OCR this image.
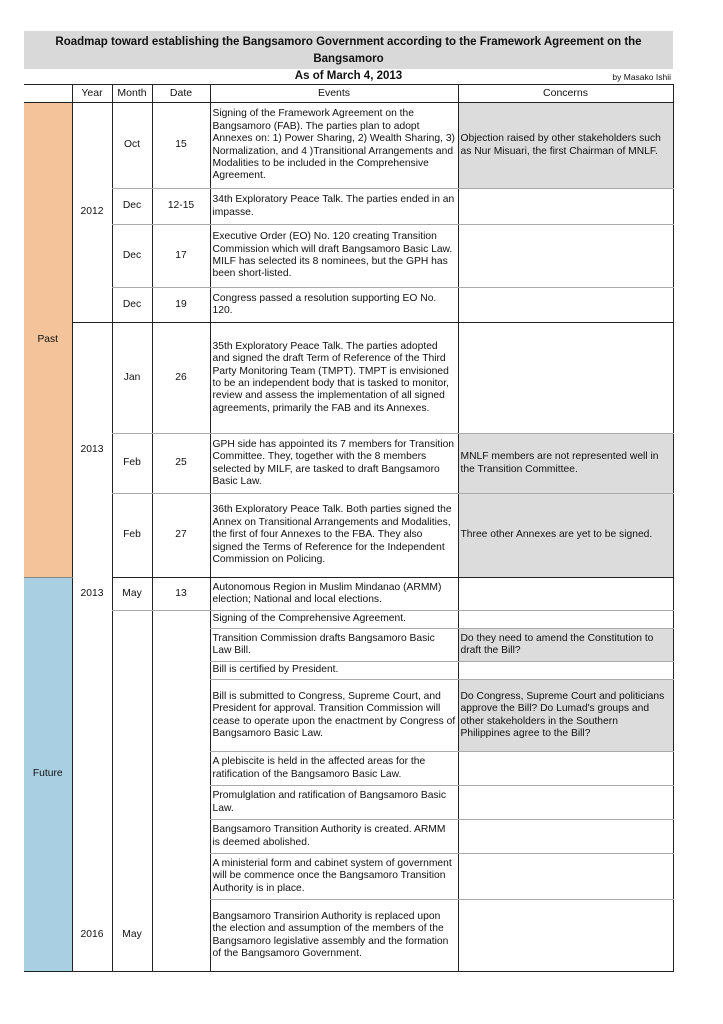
Roadmap toward establishing the Bangsamoro Government according to the Framework Agreement on the Bangsamoro
As of March 4, 2013	by Masako Ishii
	Year	Month	Date	Events	Concerns
Past	2012	Oct	15	Signing of the Framework Agreement on the Bangsamoro (FAB). The parties plan to adopt Annexes on: 1) Power Sharing, 2) Wealth Sharing, 3) Normalization, and 4 )Transitional Arrangements and Modalities to be included in the Comprehensive Agreement.	Objection raised by other stakeholders such as Nur Misuari, the first Chairman of MNLF.
		Dec	12-15	34th Exploratory Peace Talk. The parties ended in an impasse.	
		Dec	17	Executive Order (EO) No. 120 creating Transition Commission which will draft Bangsamoro Basic Law. MILF has selected its 8 nominees, but the GPH has been short-listed.	
		Dec	19	Congress passed a resolution supporting EO No. 120.	
	2013	Jan	26	35th Exploratory Peace Talk. The parties adopted and signed the draft Term of Reference of the Third Party Monitoring Team (TMPT). TMPT is envisioned to be an independent body that is tasked to monitor, review and assess the implementation of all signed agreements, primarily the FAB and its Annexes.	
		Feb	25	GPH side has appointed its 7 members for Transition Committee. They, together with the 8 members selected by MILF, are tasked to draft Bangsamoro Basic Law.	MNLF members are not represented well in the Transition Committee.
		Feb	27	36th Exploratory Peace Talk. Both parties signed the Annex on Transitional Arrangements and Modalities, the first of four Annexes to the FBA. They also signed the Terms of Reference for the Independent Commission on Policing.	Three other Annexes are yet to be signed.
Future	2013	May	13	Autonomous Region in Muslim Mindanao (ARMM) election; National and local elections.	
				Signing of the Comprehensive Agreement.	
				Transition Commission drafts Bangsamoro Basic Law Bill.	Do they need to amend the Constitution to draft the Bill?
				Bill is certified by President.	
				Bill is submitted to Congress, Supreme Court, and President for approval. Transition Commission will cease to operate upon the enactment by Congress of Bangsamoro Basic Law.	Do Congress, Supreme Court and politicians approve the Bill? Do Lumad's groups and other stakeholders in the Southern Philippines agree to the Bill?
				A plebiscite is held in the affected areas for the ratification of the Bangsamoro Basic Law.	
				Promulglation and ratification of Bangsamoro Basic Law.	
				Bangsamoro Transition Authority is created. ARMM is deemed abolished.	
				A ministerial form and cabinet system of government will be commence once the Bangsamoro Transition Authority is in place.	
	2016	May		Bangsamoro Transirion Authority is replaced upon the election and assumption of the members of the Bangsamoro legislative assembly and the formation of the Bangsamoro Government.	
